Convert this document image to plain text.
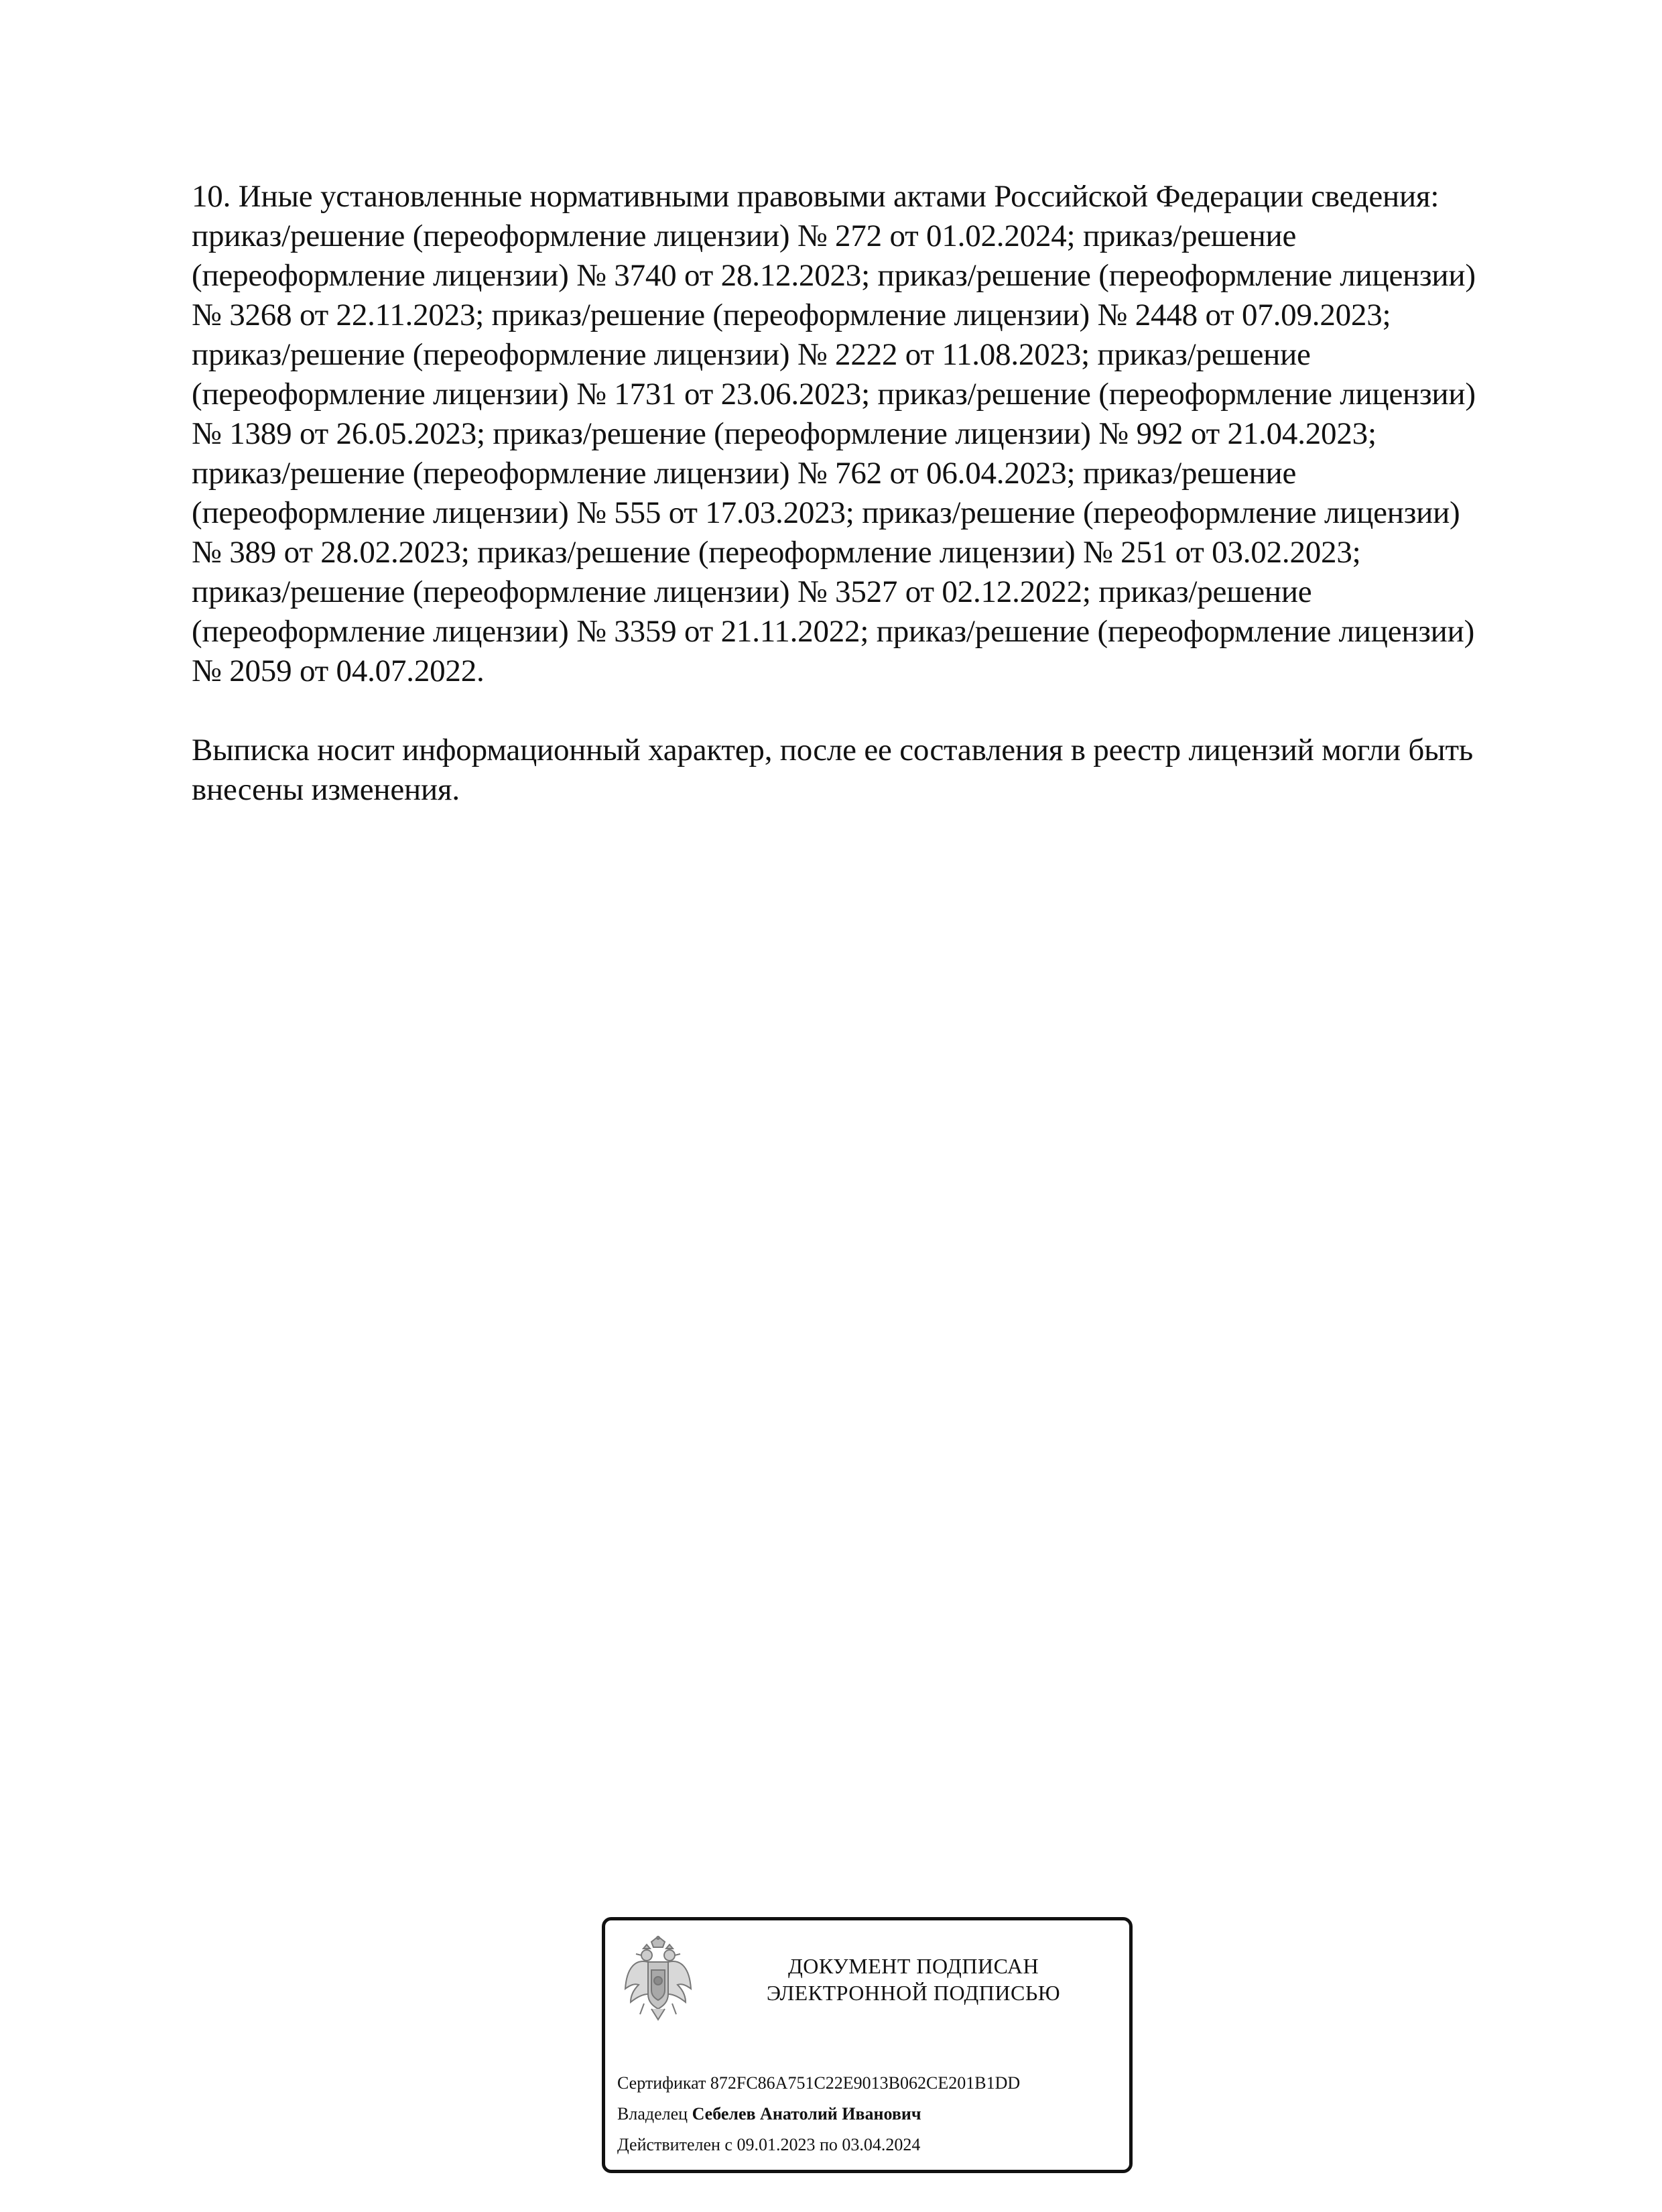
10. Иные установленные нормативными правовыми актами Российской Федерации сведения:
приказ/решение (переоформление лицензии) № 272 от 01.02.2024; приказ/решение
(переоформление лицензии) № 3740 от 28.12.2023; приказ/решение (переоформление лицензии)
№ 3268 от 22.11.2023; приказ/решение (переоформление лицензии) № 2448 от 07.09.2023;
приказ/решение (переоформление лицензии) № 2222 от 11.08.2023; приказ/решение
(переоформление лицензии) № 1731 от 23.06.2023; приказ/решение (переоформление лицензии)
№ 1389 от 26.05.2023; приказ/решение (переоформление лицензии) № 992 от 21.04.2023;
приказ/решение (переоформление лицензии) № 762 от 06.04.2023; приказ/решение
(переоформление лицензии) № 555 от 17.03.2023; приказ/решение (переоформление лицензии)
№ 389 от 28.02.2023; приказ/решение (переоформление лицензии) № 251 от 03.02.2023;
приказ/решение (переоформление лицензии) № 3527 от 02.12.2022; приказ/решение
(переоформление лицензии) № 3359 от 21.11.2022; приказ/решение (переоформление лицензии)
№ 2059 от 04.07.2022.

Выписка носит информационный характер, после ее составления в реестр лицензий могли быть
внесены изменения.

ДОКУМЕНТ ПОДПИСАН
ЭЛЕКТРОННОЙ ПОДПИСЬЮ
Сертификат 872FC86A751C22E9013B062CE201B1DD
Владелец Себелев Анатолий Иванович
Действителен с 09.01.2023 по 03.04.2024
